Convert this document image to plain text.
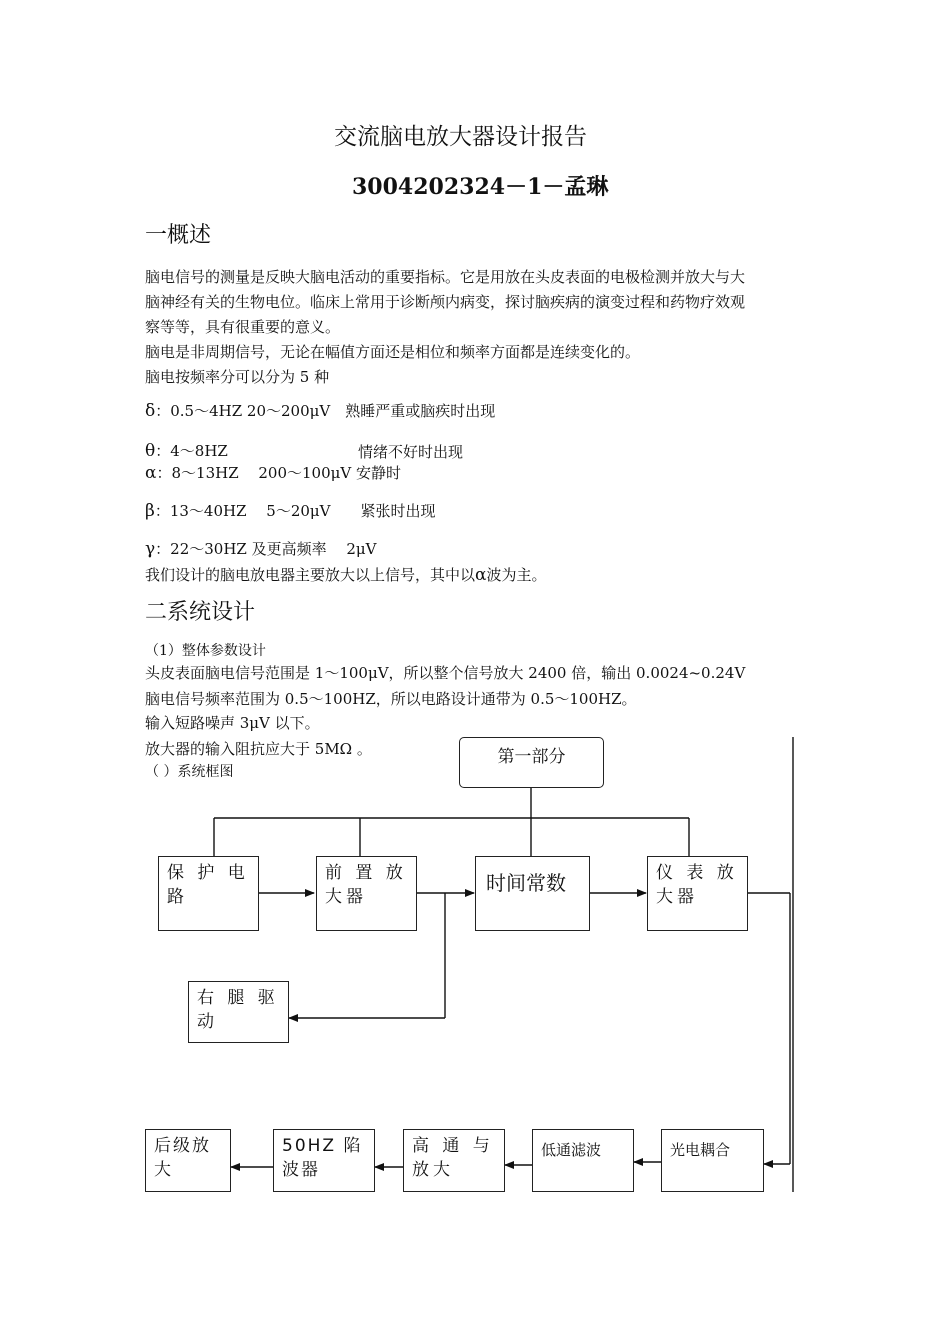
交流脑电放大器设计报告
3004202324－1－孟琳
一概述
脑电信号的测量是反映大脑电活动的重要指标。它是用放在头皮表面的电极检测并放大与大
脑神经有关的生物电位。临床上常用于诊断颅内病变，探讨脑疾病的演变过程和药物疗效观
察等等，具有很重要的意义。
脑电是非周期信号，无论在幅值方面还是相位和频率方面都是连续变化的。
脑电按频率分可以分为 5 种
δ：0.5～4HZ 20～200μV　熟睡严重或脑疾时出现
θ：4～8HZ	情绪不好时出现
α：8～13HZ　 200～100μV 安静时
β：13～40HZ　 5～20μV　　紧张时出现
γ：22～30HZ 及更高频率　 2μV
我们设计的脑电放电器主要放大以上信号，其中以α波为主。
二系统设计
（1）整体参数设计
头皮表面脑电信号范围是 1～100μV，所以整个信号放大 2400 倍，输出 0.0024~0.24V
脑电信号频率范围为 0.5～100HZ，所以电路设计通带为 0.5～100HZ。
输入短路噪声 3μV 以下。
放大器的输入阻抗应大于 5MΩ 。
（ ）系统框图
第一部分
保 护 电 路
前 置 放 大器
时间常数	仪 表 放 大器
右 腿 驱 动
后级放大
50HZ 陷 波器
高 通 与 放大
低通滤波	光电耦合
